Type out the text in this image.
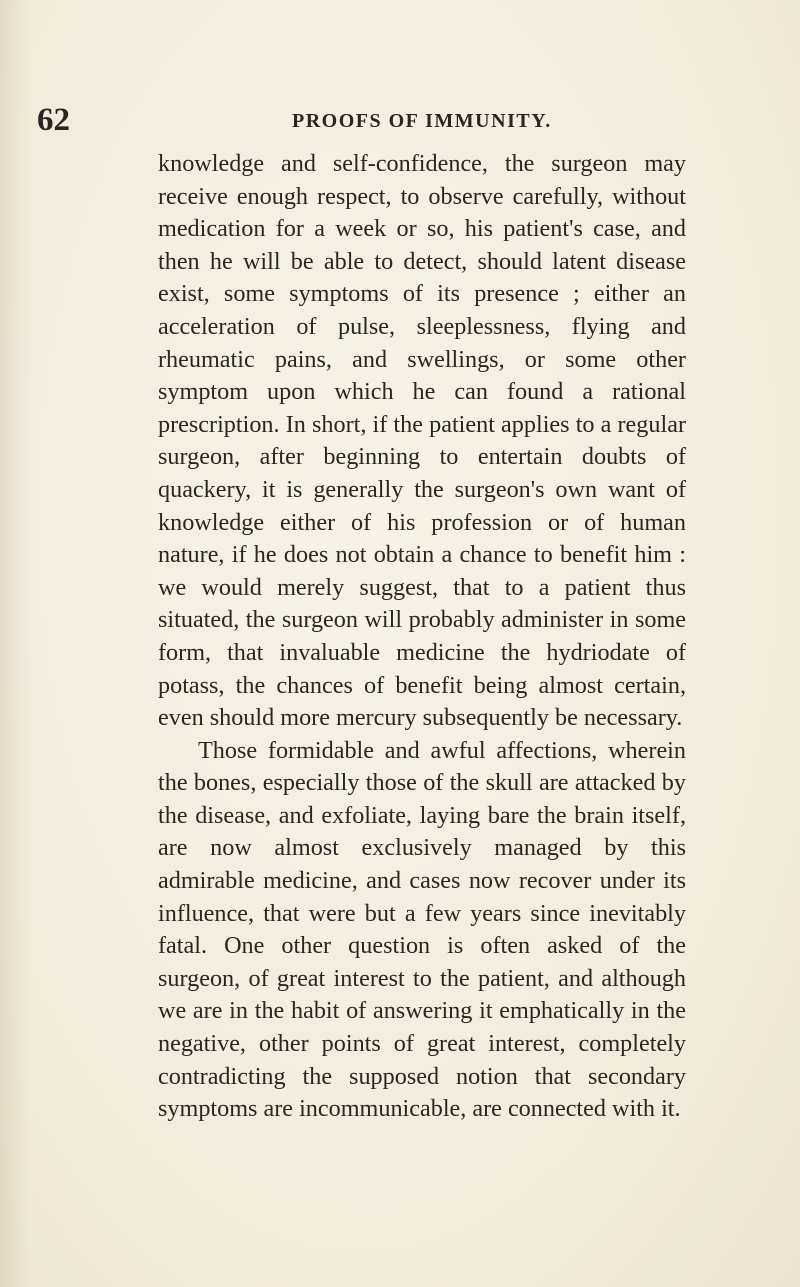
62	PROOFS OF IMMUNITY.

knowledge and self-confidence, the surgeon may receive enough respect, to observe carefully, without medication for a week or so, his patient's case, and then he will be able to detect, should latent disease exist, some symptoms of its presence ; either an acceleration of pulse, sleeplessness, flying and rheumatic pains, and swellings, or some other symptom upon which he can found a rational prescription. In short, if the patient applies to a regular surgeon, after beginning to entertain doubts of quackery, it is generally the surgeon's own want of knowledge either of his profession or of human nature, if he does not obtain a chance to benefit him : we would merely suggest, that to a patient thus situated, the surgeon will probably administer in some form, that invaluable medicine the hydriodate of potass, the chances of benefit being almost certain, even should more mercury subsequently be necessary.

Those formidable and awful affections, wherein the bones, especially those of the skull are attacked by the disease, and exfoliate, laying bare the brain itself, are now almost exclusively managed by this admirable medicine, and cases now recover under its influence, that were but a few years since inevitably fatal. One other question is often asked of the surgeon, of great interest to the patient, and although we are in the habit of answering it emphatically in the negative, other points of great interest, completely contradicting the supposed notion that secondary symptoms are incommunicable, are connected with it.
